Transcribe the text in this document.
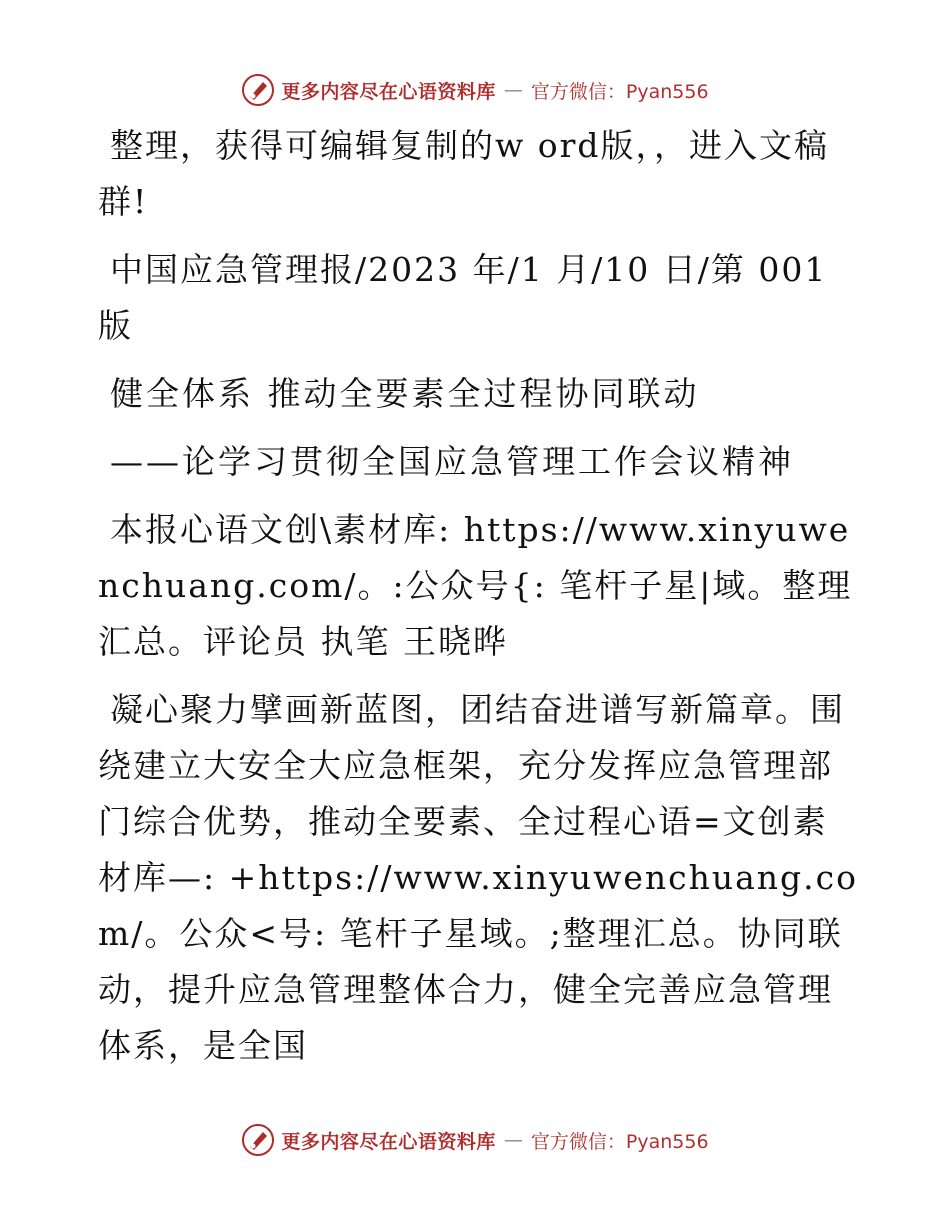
更多内容尽在心语资料库 — 官方微信：Pyan556

整理，获得可编辑复制的w ord版，，进入文稿群!

中国应急管理报/2023 年/1 月/10 日/第 001 版

健全体系 推动全要素全过程协同联动

——论学习贯彻全国应急管理工作会议精神

本报心语文创\素材库: https://www.xinyuwenchuang.com/。:公众号{: 笔杆子星|域。整理汇总。评论员 执笔 王晓晔

凝心聚力擘画新蓝图，团结奋进谱写新篇章。围绕建立大安全大应急框架，充分发挥应急管理部门综合优势，推动全要素、全过程心语=文创素材库—: +https://www.xinyuwenchuang.com/。公众<号: 笔杆子星域。;整理汇总。协同联动，提升应急管理整体合力，健全完善应急管理体系，是全国

更多内容尽在心语资料库 — 官方微信：Pyan556
